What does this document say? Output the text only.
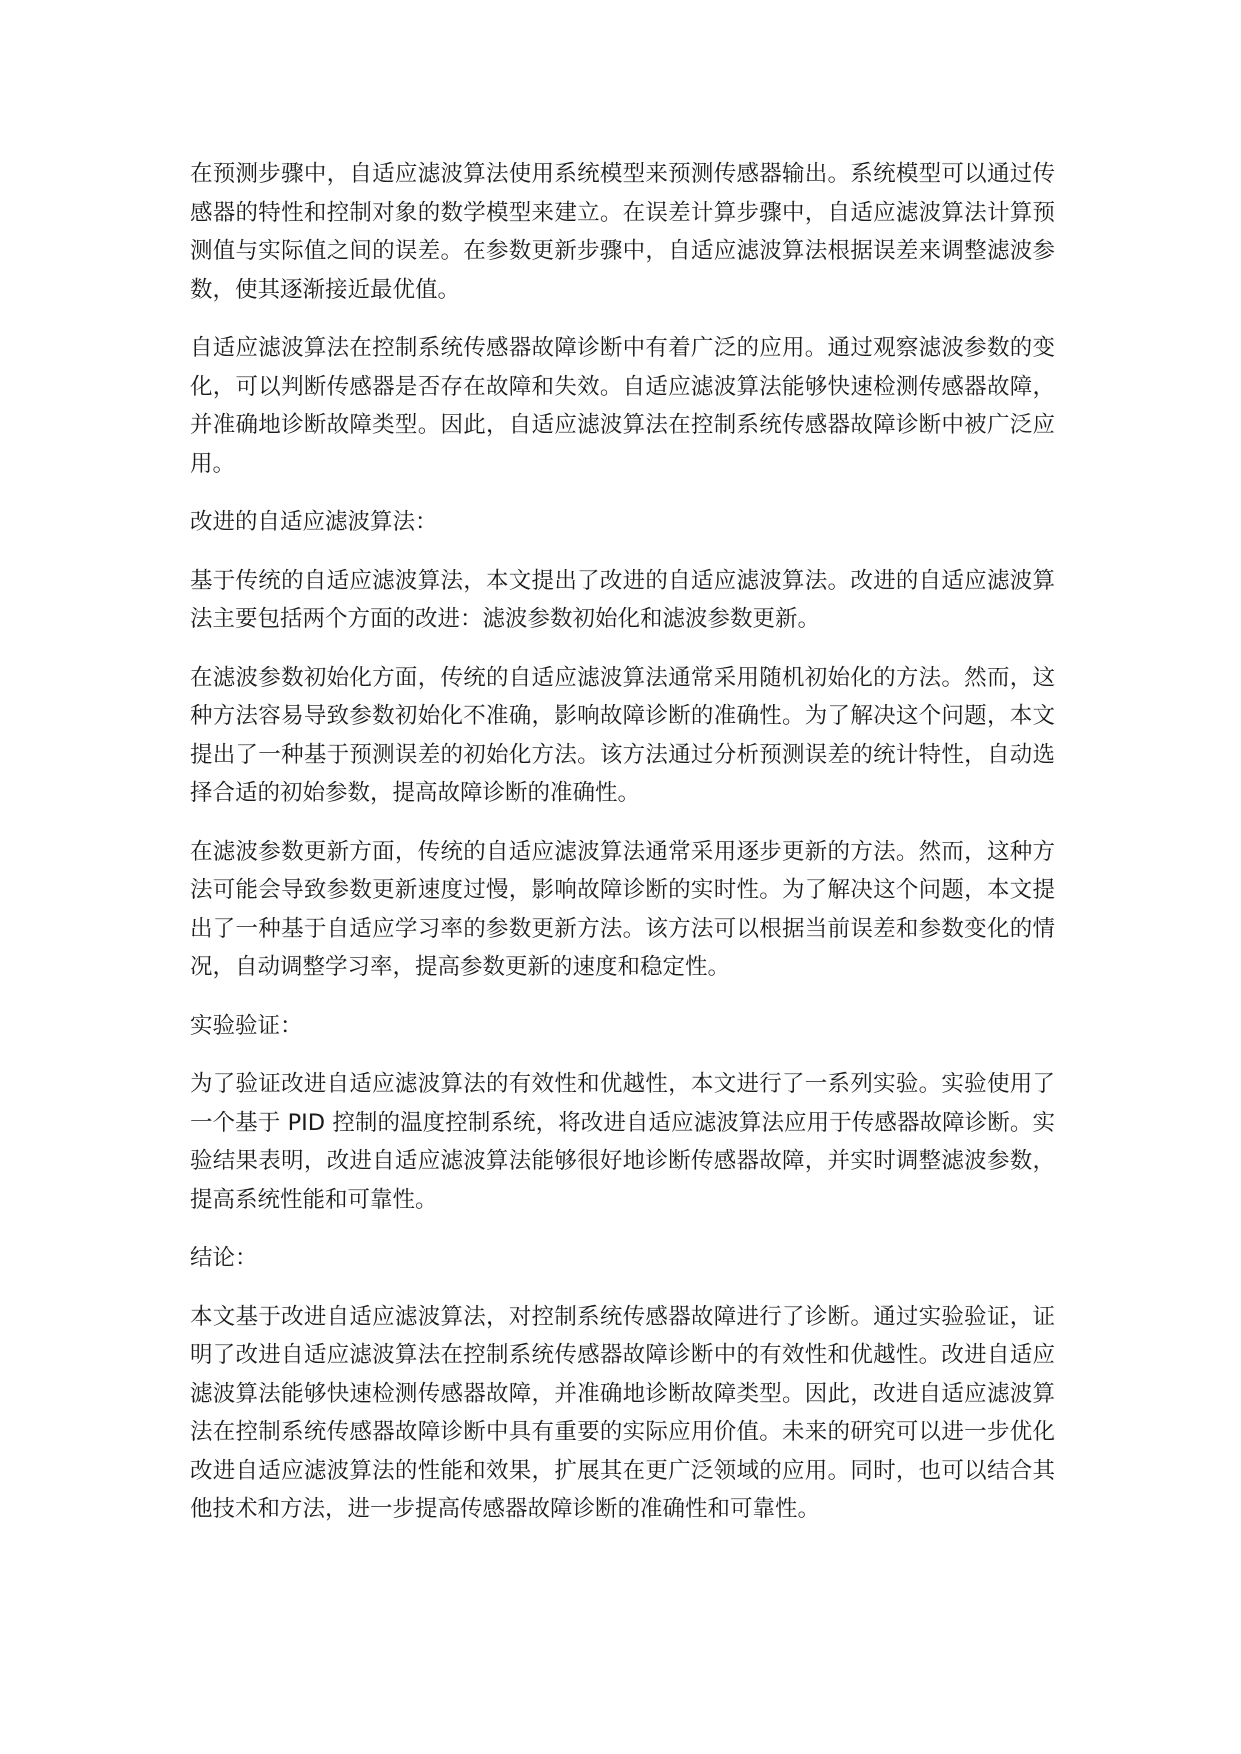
在预测步骤中，自适应滤波算法使用系统模型来预测传感器输出。系统模型可以通过传感器的特性和控制对象的数学模型来建立。在误差计算步骤中，自适应滤波算法计算预测值与实际值之间的误差。在参数更新步骤中，自适应滤波算法根据误差来调整滤波参数，使其逐渐接近最优值。

自适应滤波算法在控制系统传感器故障诊断中有着广泛的应用。通过观察滤波参数的变化，可以判断传感器是否存在故障和失效。自适应滤波算法能够快速检测传感器故障，并准确地诊断故障类型。因此，自适应滤波算法在控制系统传感器故障诊断中被广泛应用。

改进的自适应滤波算法：

基于传统的自适应滤波算法，本文提出了改进的自适应滤波算法。改进的自适应滤波算法主要包括两个方面的改进：滤波参数初始化和滤波参数更新。

在滤波参数初始化方面，传统的自适应滤波算法通常采用随机初始化的方法。然而，这种方法容易导致参数初始化不准确，影响故障诊断的准确性。为了解决这个问题，本文提出了一种基于预测误差的初始化方法。该方法通过分析预测误差的统计特性，自动选择合适的初始参数，提高故障诊断的准确性。

在滤波参数更新方面，传统的自适应滤波算法通常采用逐步更新的方法。然而，这种方法可能会导致参数更新速度过慢，影响故障诊断的实时性。为了解决这个问题，本文提出了一种基于自适应学习率的参数更新方法。该方法可以根据当前误差和参数变化的情况，自动调整学习率，提高参数更新的速度和稳定性。

实验验证：

为了验证改进自适应滤波算法的有效性和优越性，本文进行了一系列实验。实验使用了一个基于 PID 控制的温度控制系统，将改进自适应滤波算法应用于传感器故障诊断。实验结果表明，改进自适应滤波算法能够很好地诊断传感器故障，并实时调整滤波参数，提高系统性能和可靠性。

结论：

本文基于改进自适应滤波算法，对控制系统传感器故障进行了诊断。通过实验验证，证明了改进自适应滤波算法在控制系统传感器故障诊断中的有效性和优越性。改进自适应滤波算法能够快速检测传感器故障，并准确地诊断故障类型。因此，改进自适应滤波算法在控制系统传感器故障诊断中具有重要的实际应用价值。未来的研究可以进一步优化改进自适应滤波算法的性能和效果，扩展其在更广泛领域的应用。同时，也可以结合其他技术和方法，进一步提高传感器故障诊断的准确性和可靠性。
